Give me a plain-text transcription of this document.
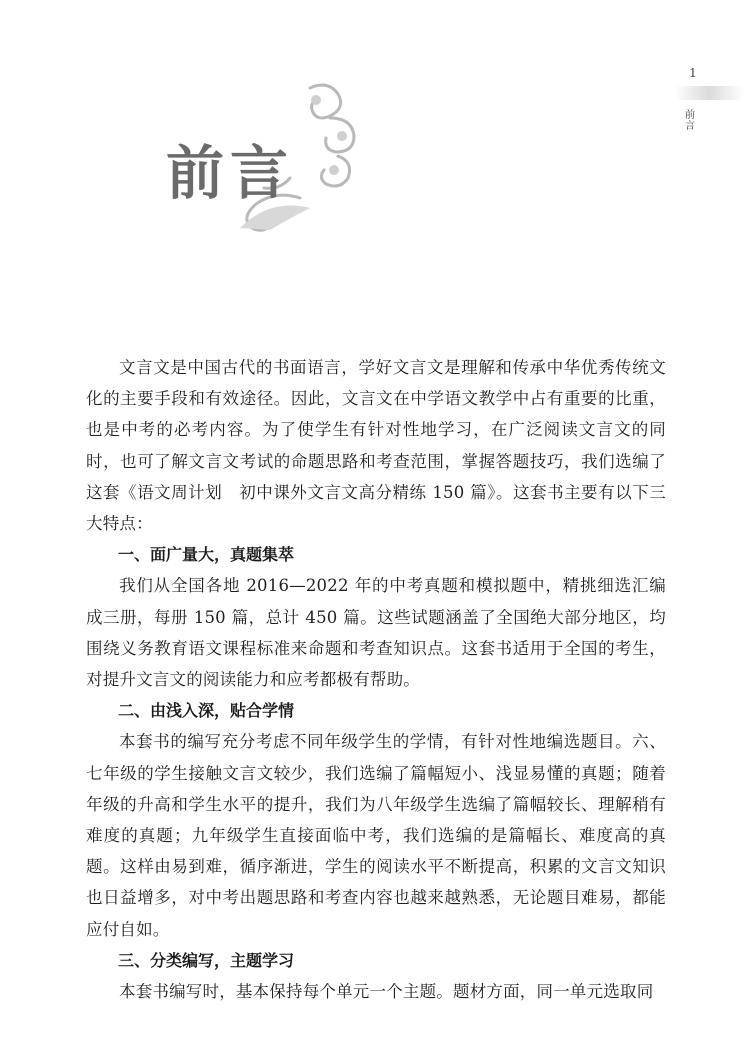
前言
1
前言

文言文是中国古代的书面语言，学好文言文是理解和传承中华优秀传统文化的主要手段和有效途径。因此，文言文在中学语文教学中占有重要的比重，也是中考的必考内容。为了使学生有针对性地学习，在广泛阅读文言文的同时，也可了解文言文考试的命题思路和考查范围，掌握答题技巧，我们选编了这套《语文周计划　初中课外文言文高分精练 150 篇》。这套书主要有以下三大特点：

一、面广量大，真题集萃

我们从全国各地 2016—2022 年的中考真题和模拟题中，精挑细选汇编成三册，每册 150 篇，总计 450 篇。这些试题涵盖了全国绝大部分地区，均围绕义务教育语文课程标准来命题和考查知识点。这套书适用于全国的考生，对提升文言文的阅读能力和应考都极有帮助。

二、由浅入深，贴合学情

本套书的编写充分考虑不同年级学生的学情，有针对性地编选题目。六、七年级的学生接触文言文较少，我们选编了篇幅短小、浅显易懂的真题；随着年级的升高和学生水平的提升，我们为八年级学生选编了篇幅较长、理解稍有难度的真题；九年级学生直接面临中考，我们选编的是篇幅长、难度高的真题。这样由易到难，循序渐进，学生的阅读水平不断提高，积累的文言文知识也日益增多，对中考出题思路和考查内容也越来越熟悉，无论题目难易，都能应付自如。

三、分类编写，主题学习

本套书编写时，基本保持每个单元一个主题。题材方面，同一单元选取同
